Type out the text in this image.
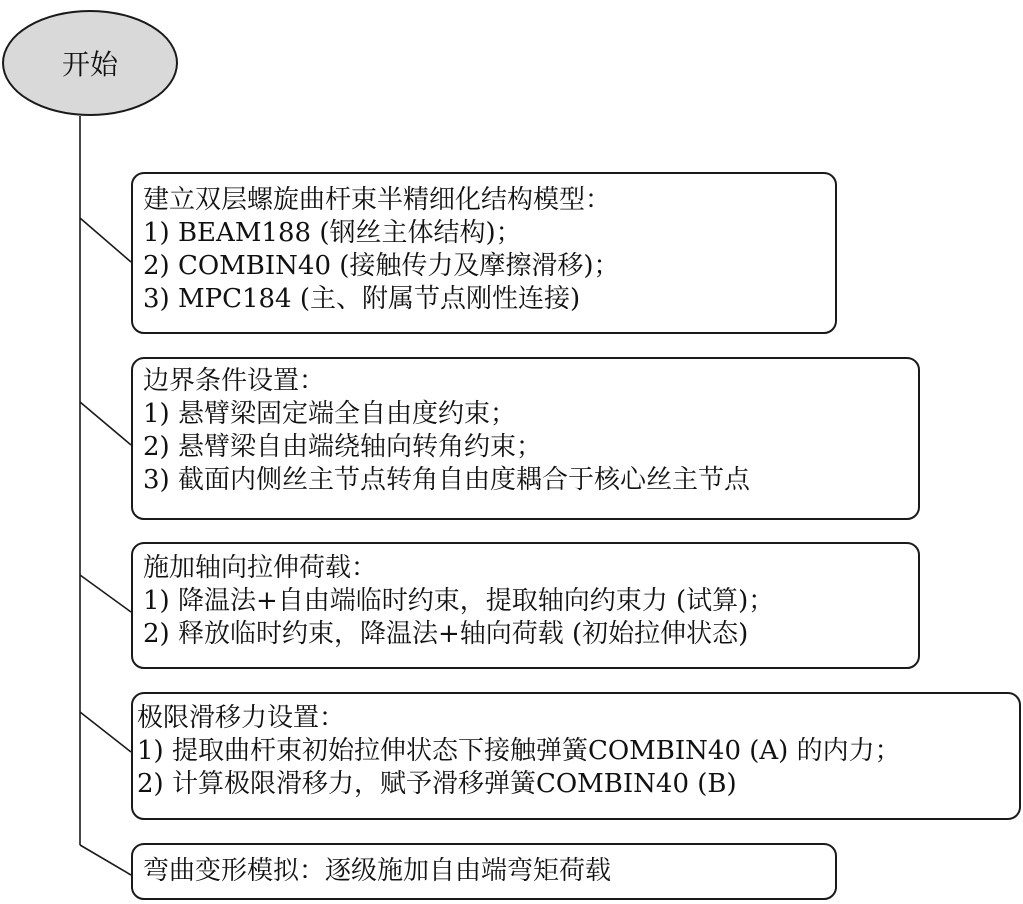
开始
建立双层螺旋曲杆束半精细化结构模型：
1) BEAM188 (钢丝主体结构)；
2) COMBIN40 (接触传力及摩擦滑移)；
3) MPC184 (主、附属节点刚性连接)
边界条件设置：
1) 悬臂梁固定端全自由度约束；
2) 悬臂梁自由端绕轴向转角约束；
3) 截面内侧丝主节点转角自由度耦合于核心丝主节点
施加轴向拉伸荷载：
1) 降温法+自由端临时约束，提取轴向约束力 (试算)；
2) 释放临时约束，降温法+轴向荷载 (初始拉伸状态)
极限滑移力设置：
1) 提取曲杆束初始拉伸状态下接触弹簧COMBIN40 (A) 的内力；
2) 计算极限滑移力，赋予滑移弹簧COMBIN40 (B)
弯曲变形模拟：逐级施加自由端弯矩荷载
